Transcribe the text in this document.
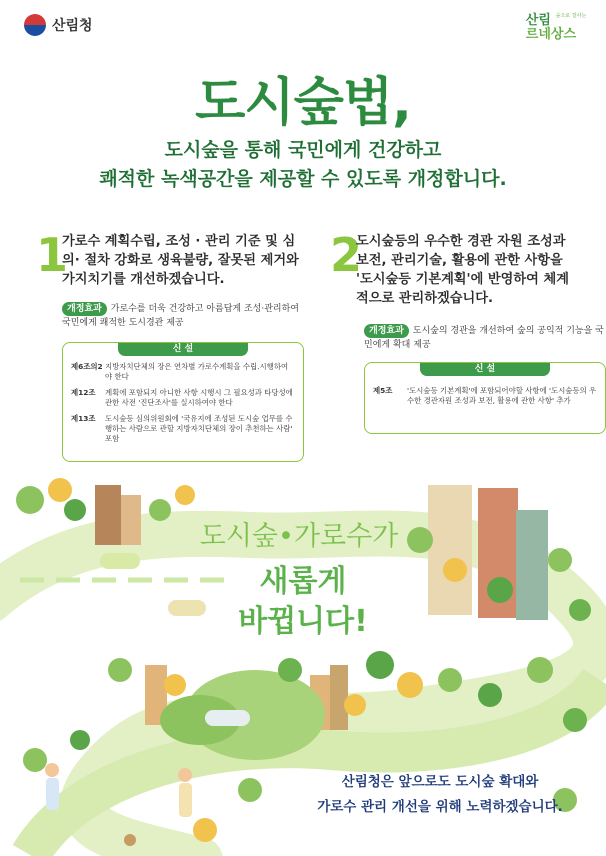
산림청
숲으로 잘사는
산림
르네상스
도시숲법,
도시숲을 통해 국민에게 건강하고
쾌적한 녹색공간을 제공할 수 있도록 개정합니다.
1
가로수 계획수립, 조성 · 관리 기준 및 심의· 절차 강화로 생육불량, 잘못된 제거와 가지치기를 개선하겠습니다.
개정효과 가로수를 더욱 건강하고 아름답게 조성·관리하여 국민에게 쾌적한 도시경관 제공
신 설
제6조의2 지방자치단체의 장은 연차별 가로수계획을 수립.시행하여야 한다
제12조	계획에 포함되지 아니한 사항 시행시 그 필요성과 타당성에 관한 사전 '진단조사'를 실시하여야 한다
제13조	도시숲등 심의위원회에 '국유지에 조성된 도시숲 업무를 수행하는 사람으로 관할 지방자치단체의 장이 추천하는 사람' 포함
2
도시숲등의 우수한 경관 자원 조성과 보전, 관리기술, 활용에 관한 사항을 '도시숲등 기본계획'에 반영하여 체계적으로 관리하겠습니다.
개정효과 도시숲의 경관을 개선하여 숲의 공익적 기능을 국민에게 확대 제공
신 설
제5조	'도시숲등 기본계획'에 포함되어야할 사항에 '도시숲등의 우수한 경관자원 조성과 보전, 활용에 관한 사항' 추가
도시숲•가로수가
새롭게
바뀝니다!
산림청은 앞으로도 도시숲 확대와
가로수 관리 개선을 위해 노력하겠습니다.
